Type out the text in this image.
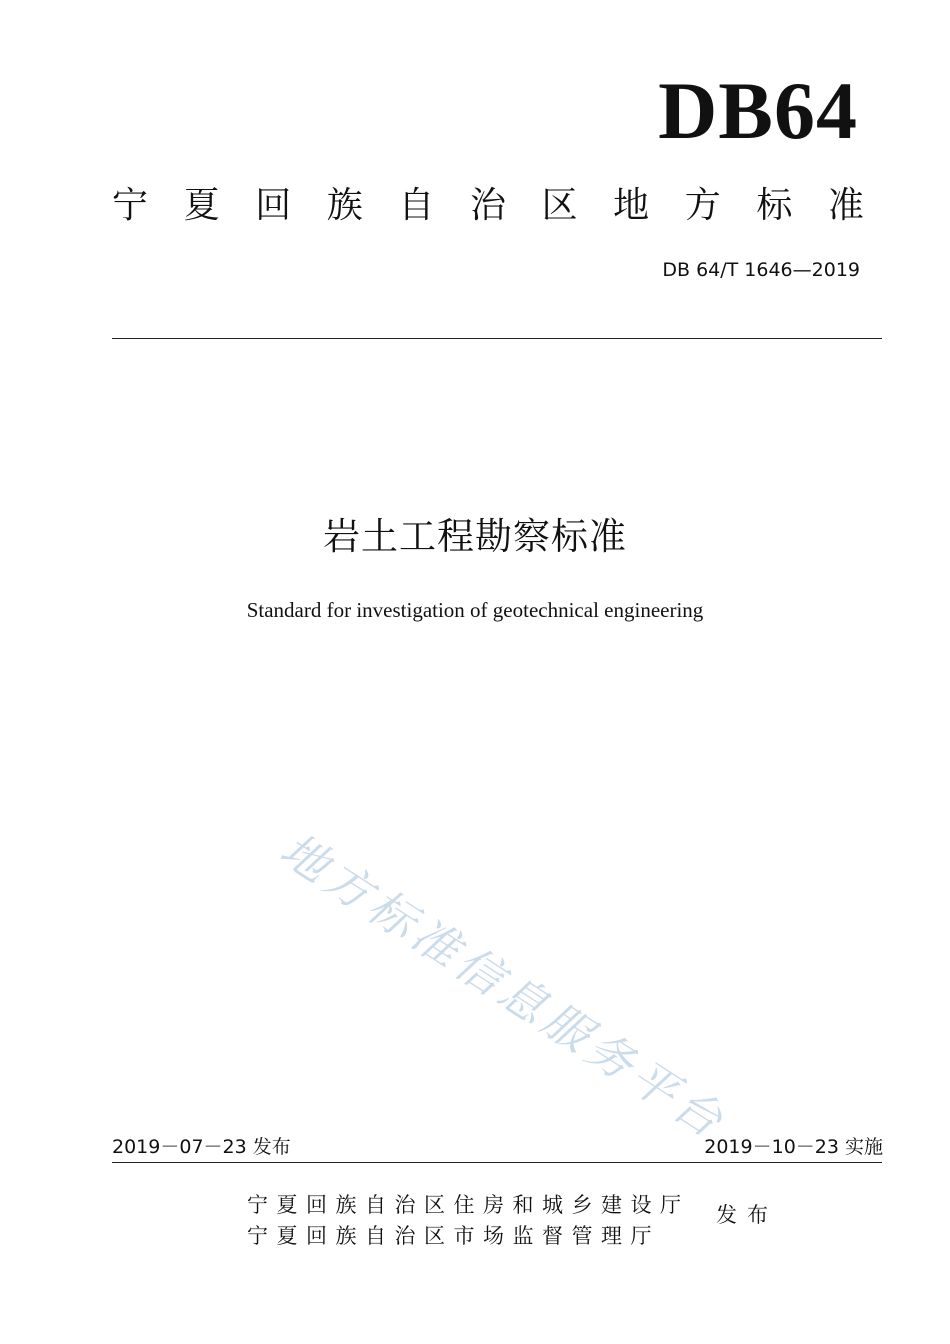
DB64
宁 夏 回 族 自 治 区 地 方 标 准
DB 64/T 1646—2019
岩土工程勘察标准
Standard for investigation of geotechnical engineering
地方标准信息服务平台
2019－07－23 发布	2019－10－23 实施
宁夏回族自治区住房和城乡建设厅
宁夏回族自治区市场监督管理厅
发布
